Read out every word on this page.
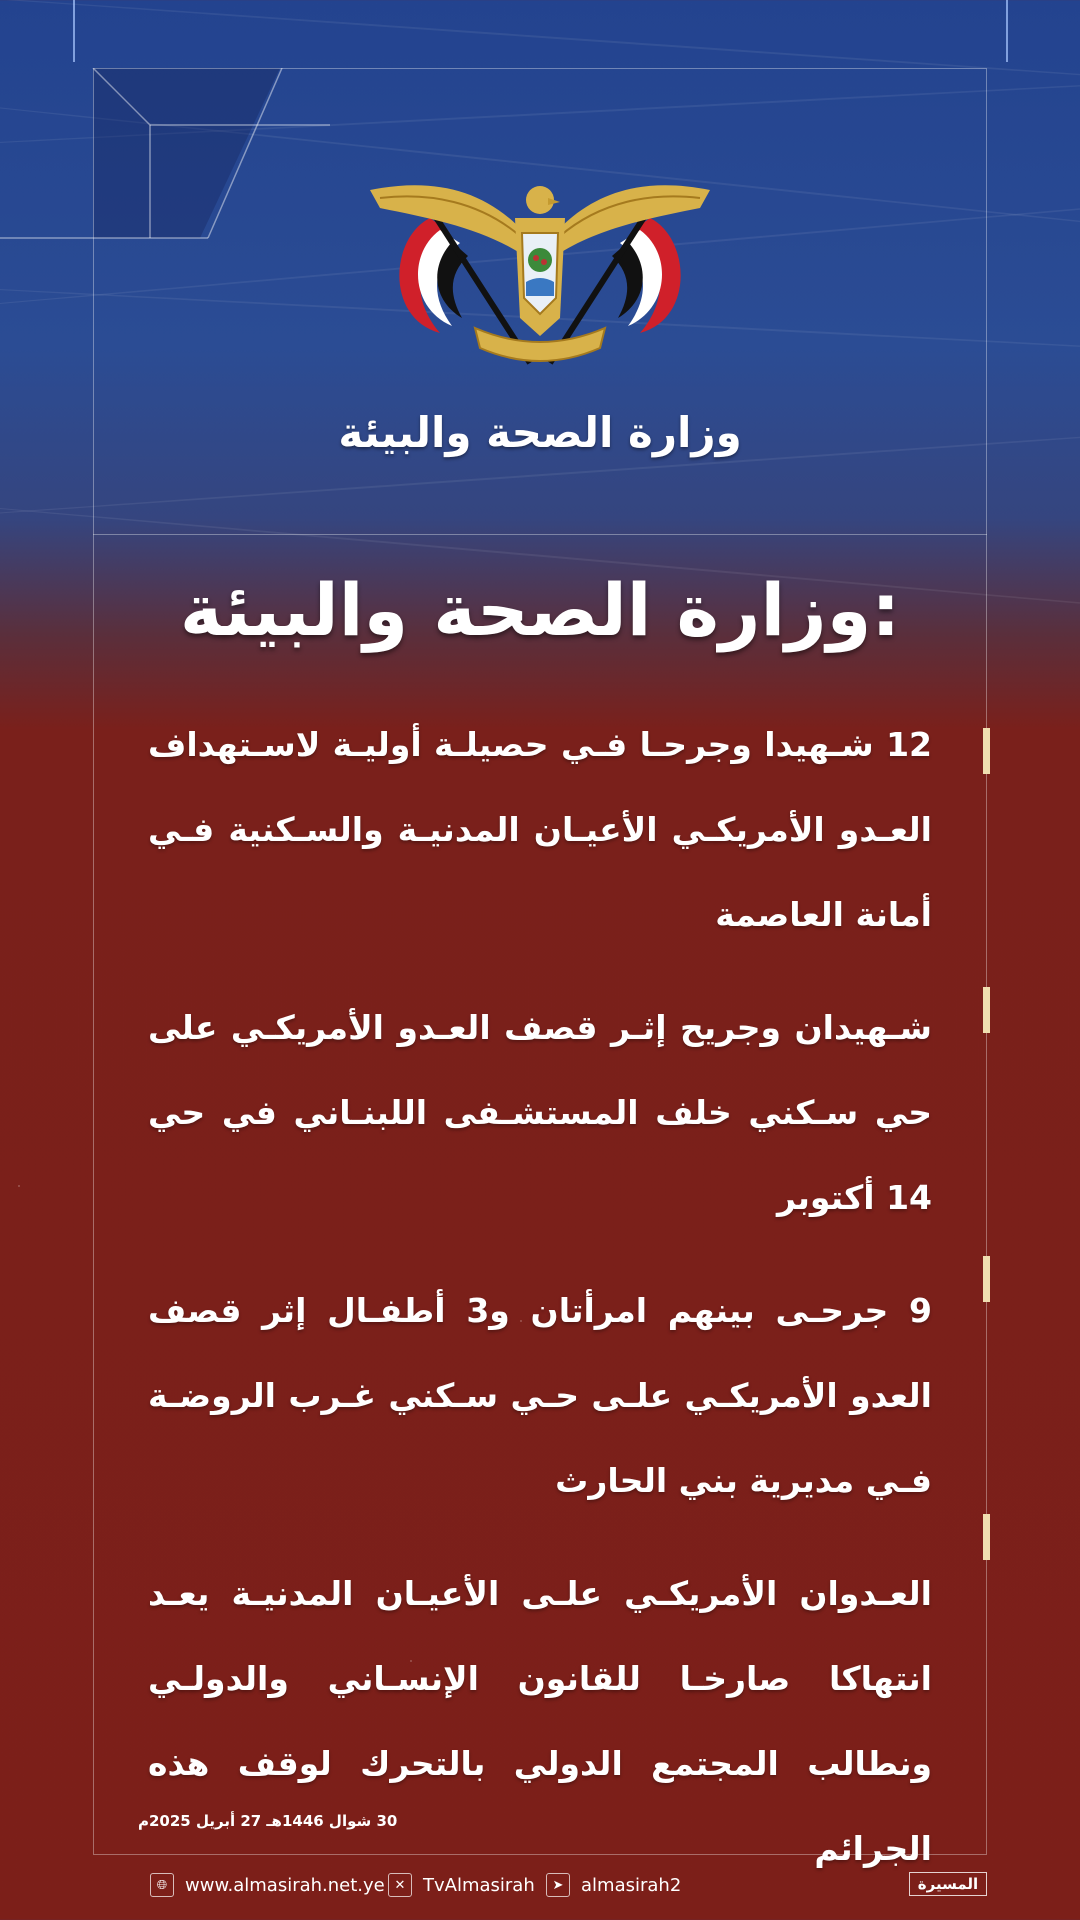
وزارة الصحة والبيئة
وزارة الصحة والبيئة:
12 شـهيدا وجرحـا فـي حصيلـة أوليـة لاسـتهداف العـدو الأمريكـي الأعيـان المدنيـة والسـكنية فـي أمانة العاصمة
شـهيدان وجريح إثـر قصف العـدو الأمريكـي على حي سـكني خلف المستشـفى اللبنـاني في حي 14 أكتوبر
9 جرحـى بينهم امرأتان و3 أطفـال إثر قصف العدو الأمريكـي علـى حـي سـكني غـرب الروضـة فـي مديرية بني الحارث
العـدوان الأمريكـي علـى الأعيـان المدنيـة يعـد انتهاكا صارخـا للقانون الإنسـاني والدولـي ونطالب المجتمع الدولي بالتحرك لوقف هذه الجرائم
30 شوال 1446هـ 27 أبريل 2025م
🌐︎ www.almasirah.net.ye ✕ TvAlmasirah	➤ almasirah2	المسيرة
